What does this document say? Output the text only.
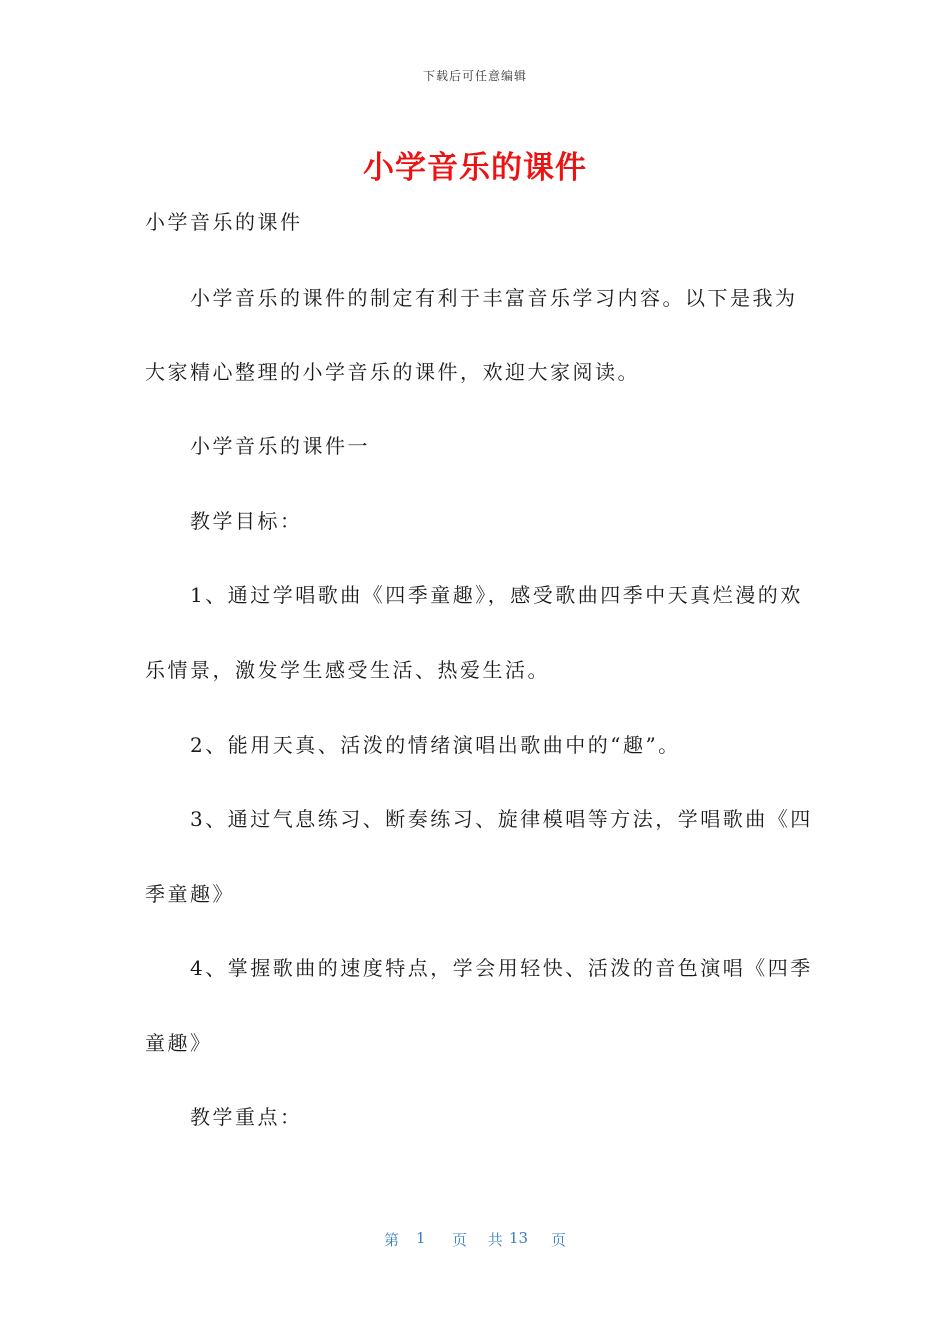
下载后可任意编辑
小学音乐的课件
小学音乐的课件
小学音乐的课件的制定有利于丰富音乐学习内容。以下是我为
大家精心整理的小学音乐的课件，欢迎大家阅读。
小学音乐的课件一
教学目标：
1、通过学唱歌曲《四季童趣》，感受歌曲四季中天真烂漫的欢
乐情景，激发学生感受生活、热爱生活。
2、能用天真、活泼的情绪演唱出歌曲中的“趣”。
3、通过气息练习、断奏练习、旋律模唱等方法，学唱歌曲《四
季童趣》
4、掌握歌曲的速度特点，学会用轻快、活泼的音色演唱《四季
童趣》
教学重点：
第 1 页 共
13 页
